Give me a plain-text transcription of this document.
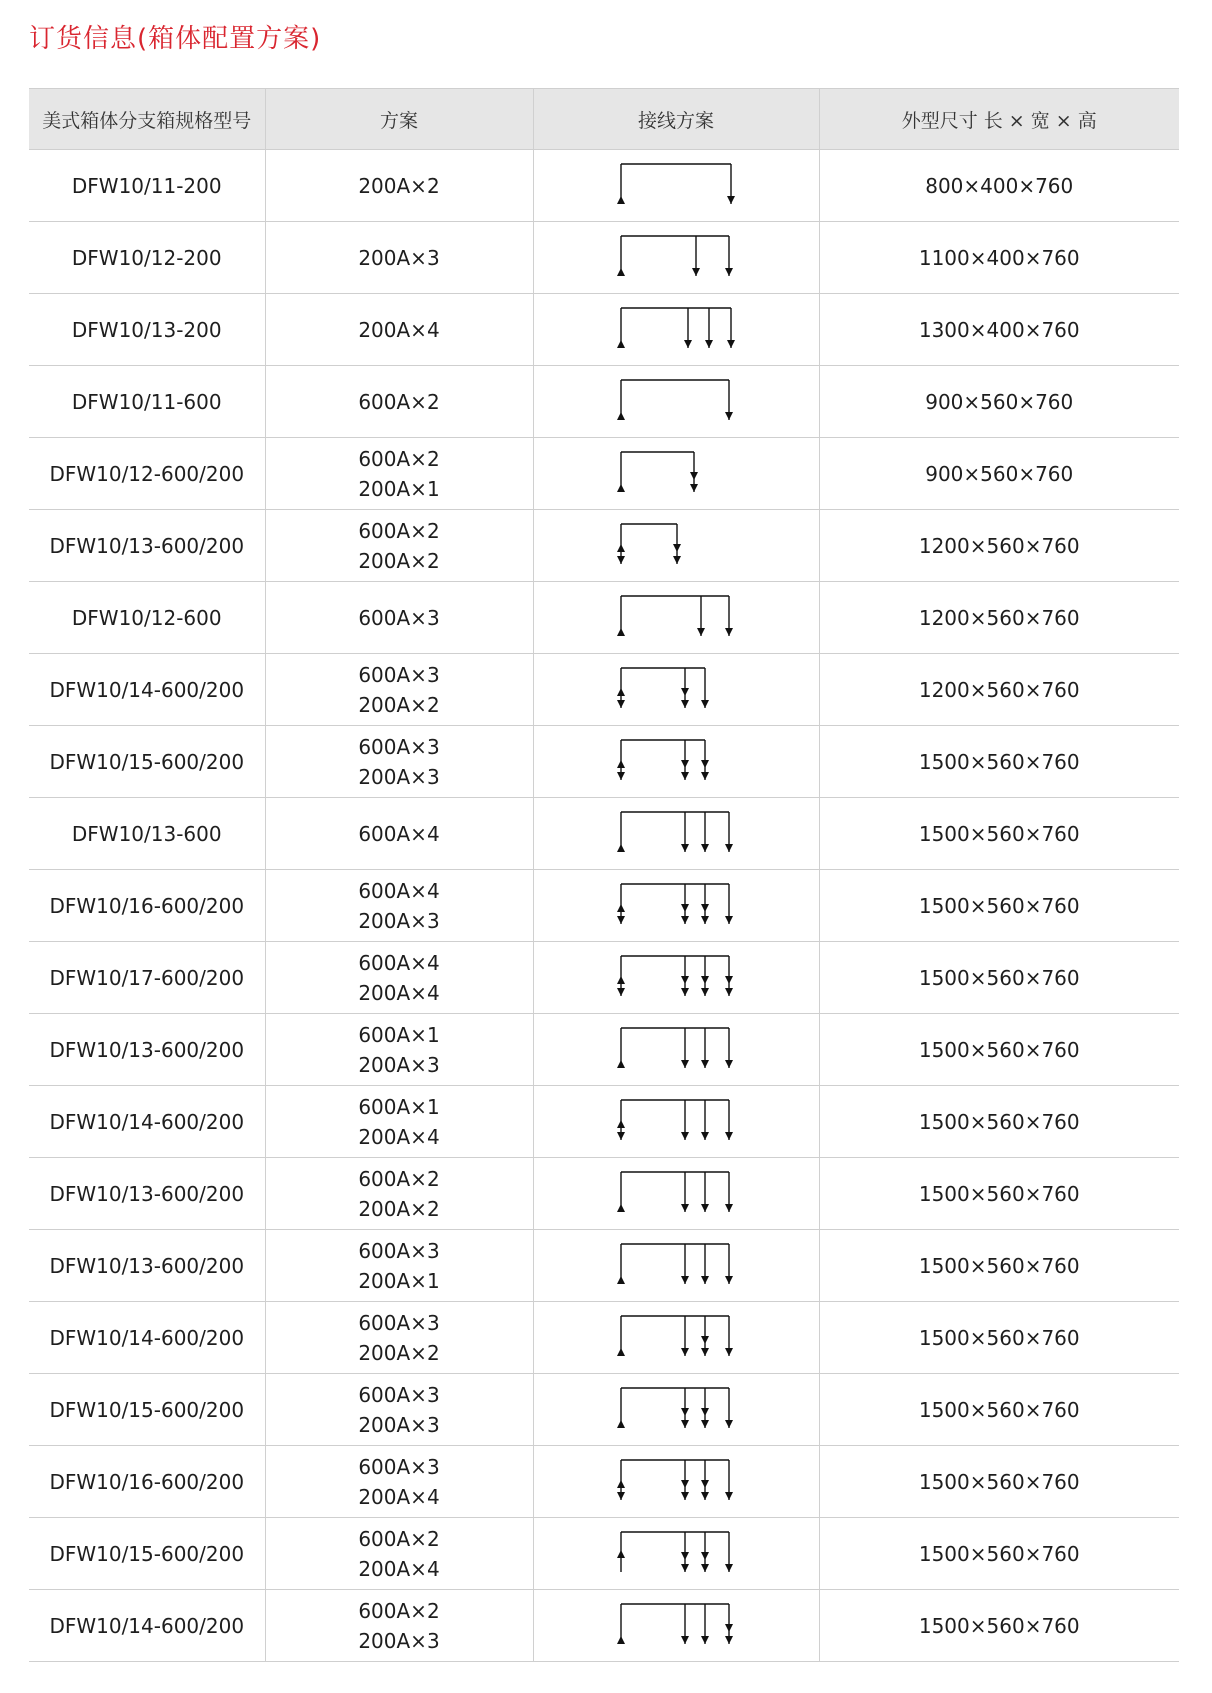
订货信息(箱体配置方案)
美式箱体分支箱规格型号	方案	接线方案	外型尺寸 长 × 宽 × 高
DFW10/11-200	200A×2		800×400×760
DFW10/12-200	200A×3		1100×400×760
DFW10/13-200	200A×4		1300×400×760
DFW10/11-600	600A×2		900×560×760
DFW10/12-600/200	600A×2
200A×1		900×560×760
DFW10/13-600/200	600A×2
200A×2		1200×560×760
DFW10/12-600	600A×3		1200×560×760
DFW10/14-600/200	600A×3
200A×2		1200×560×760
DFW10/15-600/200	600A×3
200A×3		1500×560×760
DFW10/13-600	600A×4		1500×560×760
DFW10/16-600/200	600A×4
200A×3		1500×560×760
DFW10/17-600/200	600A×4
200A×4		1500×560×760
DFW10/13-600/200	600A×1
200A×3		1500×560×760
DFW10/14-600/200	600A×1
200A×4		1500×560×760
DFW10/13-600/200	600A×2
200A×2		1500×560×760
DFW10/13-600/200	600A×3
200A×1		1500×560×760
DFW10/14-600/200	600A×3
200A×2		1500×560×760
DFW10/15-600/200	600A×3
200A×3		1500×560×760
DFW10/16-600/200	600A×3
200A×4		1500×560×760
DFW10/15-600/200	600A×2
200A×4		1500×560×760
DFW10/14-600/200	600A×2
200A×3		1500×560×760
